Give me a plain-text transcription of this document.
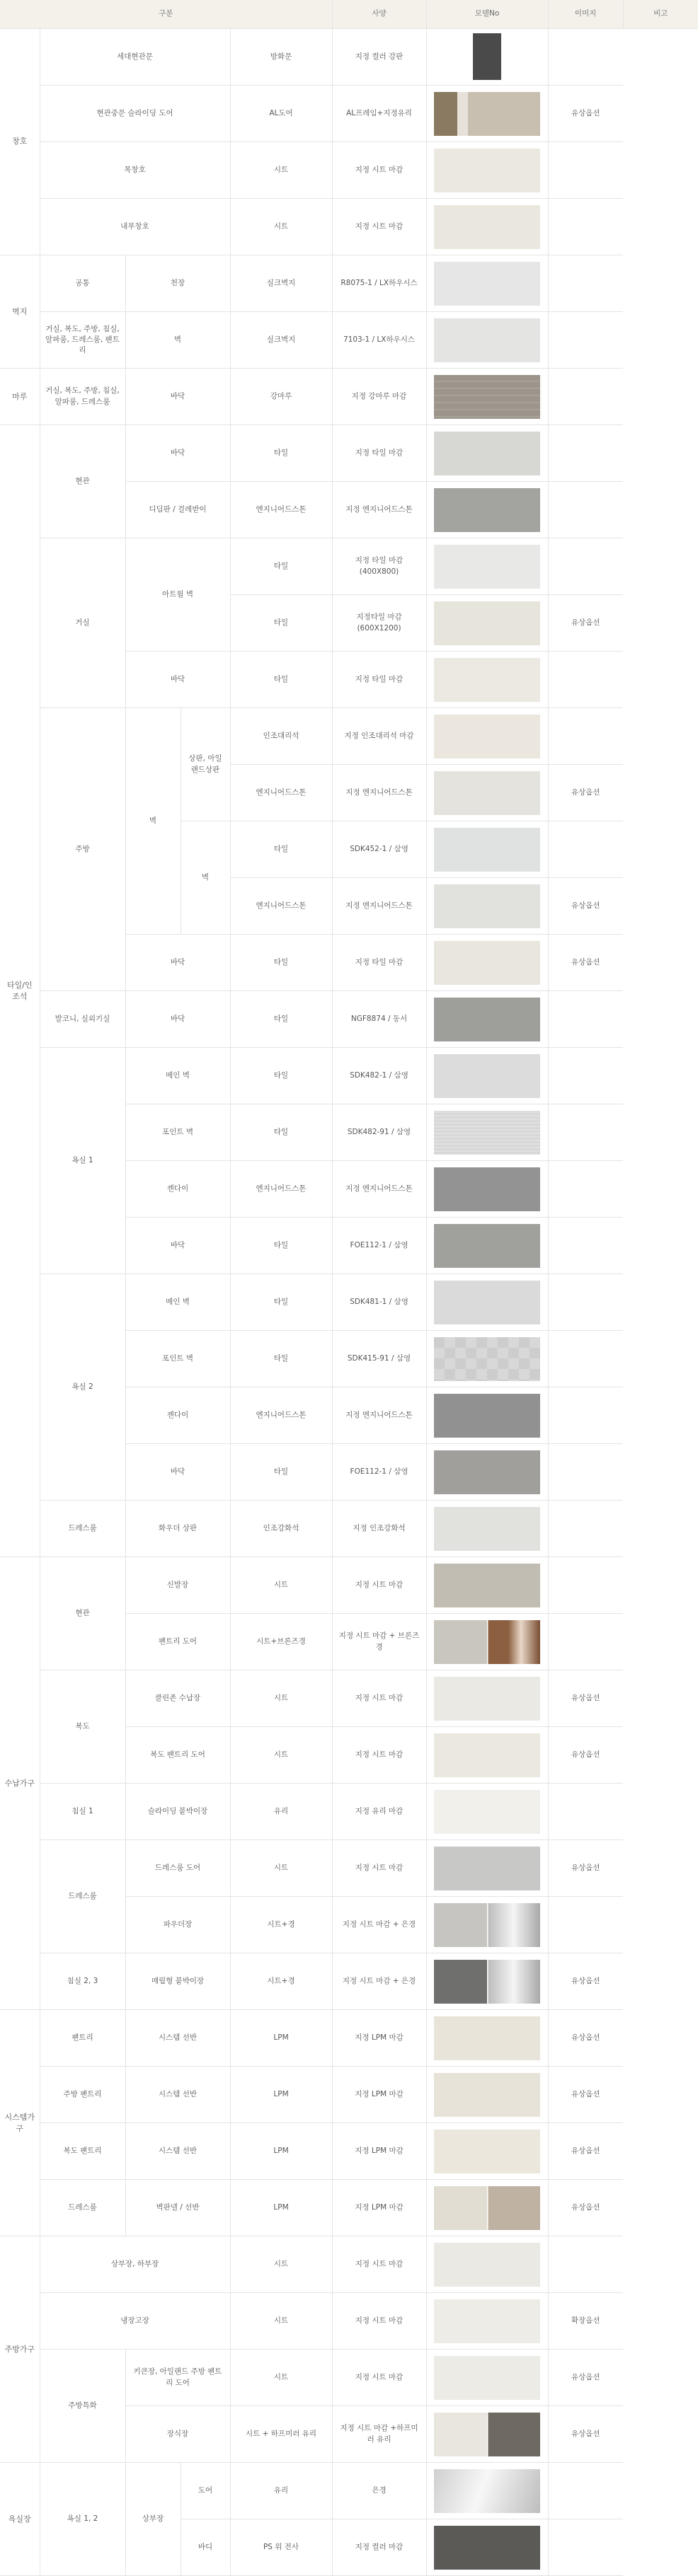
구분	사양	모델No	이미지	비고
창호	세대현관문			방화문	지정 컬러 강판	

	현관중문 슬라이딩 도어			AL도어	AL프레임+지정유리		유상옵션
	목창호			시트	지정 시트 마감	

	내부창호			시트	지정 시트 마감	

벽지	공통	천장		실크벽지	R8075-1 / LX하우시스	

	거실, 복도, 주방, 침실, 알파룸, 드레스룸, 팬트리	벽		실크벽지	7103-1 / LX하우시스	

마루	거실, 복도, 주방, 침실, 알파룸, 드레스룸	바닥		강마루	지정 강마루 마감	

타일/인조석	현관	바닥		타일	지정 타일 마감	

		디딤판 / 걸레받이		엔지니어드스톤	지정 엔지니어드스톤	

	거실	아트월 벽		타일	지정 타일 마감 (400X800)	

				타일	지정타일 마감 (600X1200)		유상옵션
		바닥		타일	지정 타일 마감	

	주방	벽	상판, 아일랜드상판	인조대리석	지정 인조대리석 마감	

				엔지니어드스톤	지정 엔지니어드스톤		유상옵션
			벽	타일	SDK452-1 / 삼영	

				엔지니어드스톤	지정 엔지니어드스톤		유상옵션
		바닥		타일	지정 타일 마감		유상옵션
	발코니, 실외기실	바닥		타일	NGF8874 / 동서	

	욕실 1	메인 벽		타일	SDK482-1 / 삼영	

		포인트 벽		타일	SDK482-91 / 삼영	

		젠다이		엔지니어드스톤	지정 엔지니어드스톤	

		바닥		타일	FOE112-1 / 삼영	

	욕실 2	메인 벽		타일	SDK481-1 / 삼영	

		포인트 벽		타일	SDK415-91 / 삼영	

		젠다이		엔지니어드스톤	지정 엔지니어드스톤	

		바닥		타일	FOE112-1 / 삼영	

	드레스룸	화우더 상판		인조강화석	지정 인조강화석	

수납가구	현관	신발장		시트	지정 시트 마감	

		팬트리 도어		시트+브론즈경	지정 시트 마감 + 브론즈경	

	복도	클린존 수납장		시트	지정 시트 마감		유상옵션
		복도 팬트리 도어		시트	지정 시트 마감		유상옵션
	침실 1	슬라이딩 붙박이장		유리	지정 유리 마감	

	드레스룸	드레스룸 도어		시트	지정 시트 마감		유상옵션
		파우더장		시트+경	지정 시트 마감 + 은경	

	침실 2, 3	매립형 붙박이장		시트+경	지정 시트 마감 + 은경		유상옵션
시스템가구	팬트리	시스템 선반		LPM	지정 LPM 마감		유상옵션
	주방 팬트리	시스템 선반		LPM	지정 LPM 마감		유상옵션
	복도 팬트리	시스템 선반		LPM	지정 LPM 마감		유상옵션
	드레스룸	벽판넬 / 선반		LPM	지정 LPM 마감		유상옵션
주방가구	상부장, 하부장			시트	지정 시트 마감	

	냉장고장			시트	지정 시트 마감		확장옵션
	주방특화	키큰장, 아일랜드 주방 팬트리 도어		시트	지정 시트 마감		유상옵션
		장식장		시트 + 하프미러 유리	지정 시트 마감 +하프미러 유리		유상옵션
욕실장	욕실 1, 2	상부장	도어	유리	은경	

			바디	PS 위 전사	지정 컬러 마감	
